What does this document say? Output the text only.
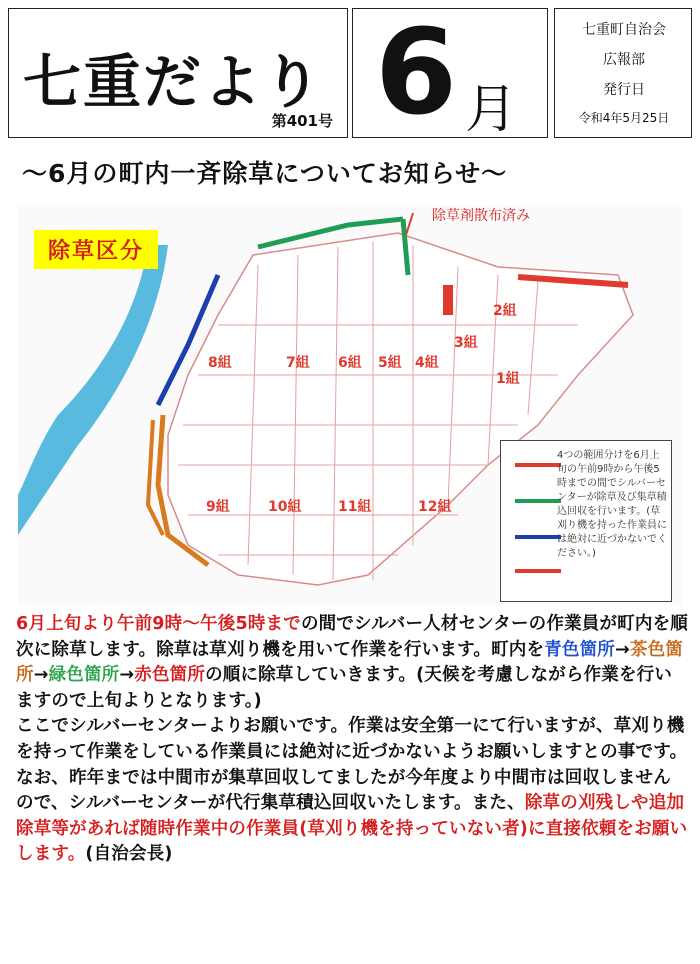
七重だより
第401号 6 月
七重町自治会
広報部
発行日
令和4年5月25日
～6月の町内一斉除草についてお知らせ～
8組	7組 6組 5組 4組
2組
3組
1組
9組	10組	11組	12組
除草区分
除草剤散布済み
4つの範囲分けを6月上旬の午前9時から午後5時までの間でシルバーセンターが除草及び集草積込回収を行います。(草刈り機を持った作業員には絶対に近づかないでください。)
6月上旬より午前9時～午後5時までの間でシルバー人材センターの作業員が町内を順次に除草します。除草は草刈り機を用いて作業を行います。町内を青色箇所→茶色箇所→緑色箇所→赤色箇所の順に除草していきます。(天候を考慮しながら作業を行いますので上旬よりとなります。)
ここでシルバーセンターよりお願いです。作業は安全第一にて行いますが、草刈り機を持って作業をしている作業員には絶対に近づかないようお願いしますとの事です。なお、昨年までは中間市が集草回収してましたが今年度より中間市は回収しませんので、シルバーセンターが代行集草積込回収いたします。また、除草の刈残しや追加除草等があれば随時作業中の作業員(草刈り機を持っていない者)に直接依頼をお願いします。(自治会長)
